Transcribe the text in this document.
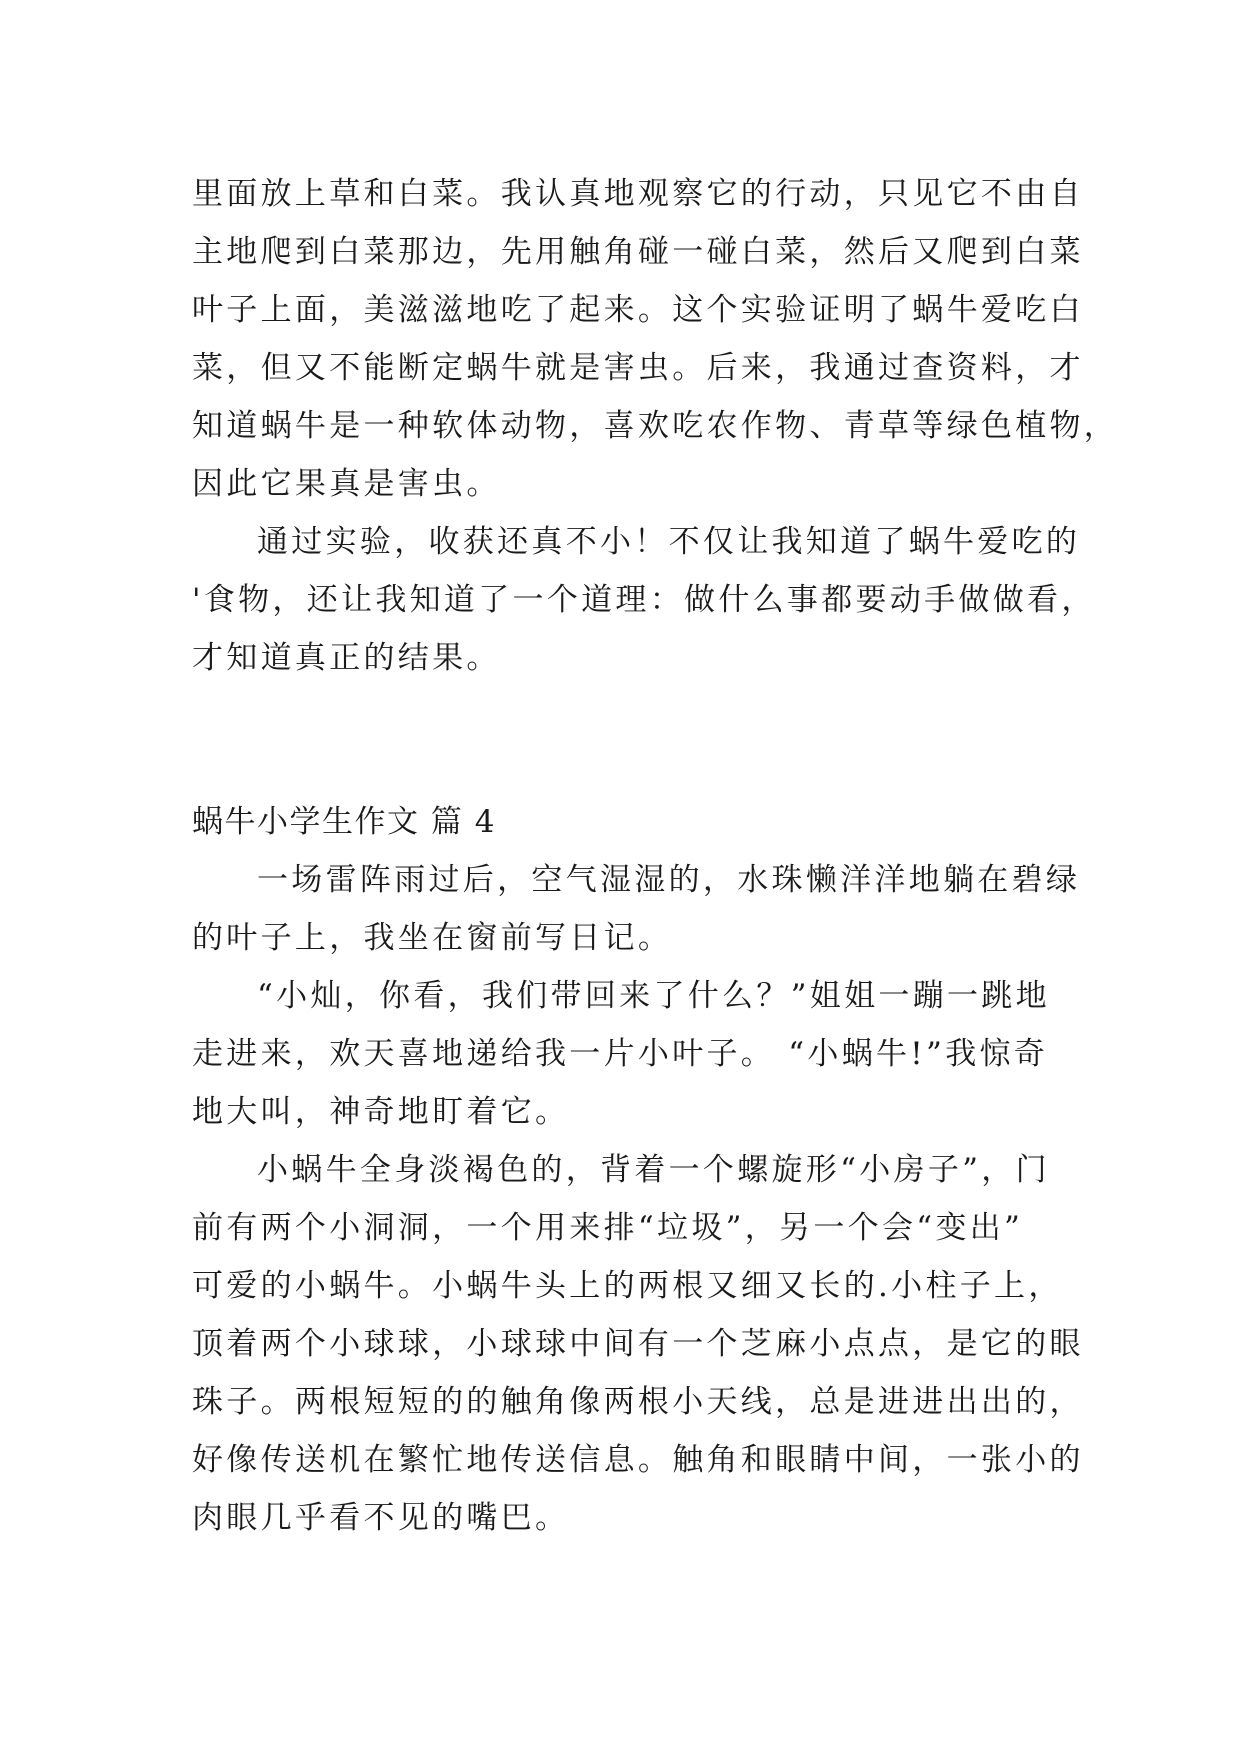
里面放上草和白菜。我认真地观察它的行动，只见它不由自
主地爬到白菜那边，先用触角碰一碰白菜，然后又爬到白菜
叶子上面，美滋滋地吃了起来。这个实验证明了蜗牛爱吃白
菜，但又不能断定蜗牛就是害虫。后来，我通过查资料，才
知道蜗牛是一种软体动物，喜欢吃农作物、青草等绿色植物，
因此它果真是害虫。
通过实验，收获还真不小！不仅让我知道了蜗牛爱吃的
'食物，还让我知道了一个道理：做什么事都要动手做做看，
才知道真正的结果。
蜗牛小学生作文 篇 4
一场雷阵雨过后，空气湿湿的，水珠懒洋洋地躺在碧绿
的叶子上，我坐在窗前写日记。
“小灿，你看，我们带回来了什么？”姐姐一蹦一跳地
走进来，欢天喜地递给我一片小叶子。 “小蜗牛!”我惊奇
地大叫，神奇地盯着它。
小蜗牛全身淡褐色的，背着一个螺旋形“小房子”，门
前有两个小洞洞，一个用来排“垃圾”，另一个会“变出”
可爱的小蜗牛。小蜗牛头上的两根又细又长的.小柱子上，
顶着两个小球球，小球球中间有一个芝麻小点点，是它的眼
珠子。两根短短的的触角像两根小天线，总是进进出出的，
好像传送机在繁忙地传送信息。触角和眼睛中间，一张小的
肉眼几乎看不见的嘴巴。
